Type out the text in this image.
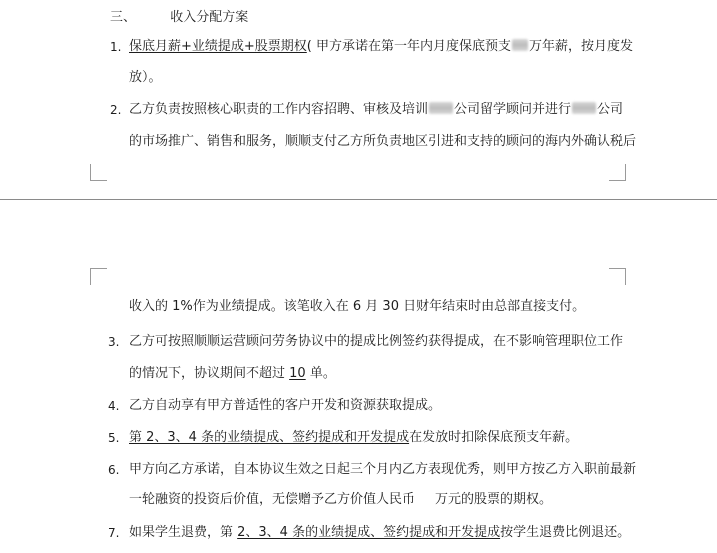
三、	收入分配方案
1. 保底月薪+业绩提成+股票期权( 甲方承诺在第一年内月度保底预支 万年薪，按月度发
放）。
2. 乙方负责按照核心职责的工作内容招聘、审核及培训 公司留学顾问并进行 公司
的市场推广、销售和服务，顺顺支付乙方所负责地区引进和支持的顾问的海内外确认税后
收入的 1%作为业绩提成。该笔收入在 6 月 30 日财年结束时由总部直接支付。
3. 乙方可按照顺顺运营顾问劳务协议中的提成比例签约获得提成，在不影响管理职位工作
的情况下，协议期间不超过 10 单。
4. 乙方自动享有甲方普适性的客户开发和资源获取提成。
5. 第 2、3、4 条的业绩提成、签约提成和开发提成在发放时扣除保底预支年薪。
6. 甲方向乙方承诺，自本协议生效之日起三个月内乙方表现优秀，则甲方按乙方入职前最新
一轮融资的投资后价值，无偿赠予乙方价值人民币 万元的股票的期权。
7. 如果学生退费，第 2、3、4 条的业绩提成、签约提成和开发提成按学生退费比例退还。
